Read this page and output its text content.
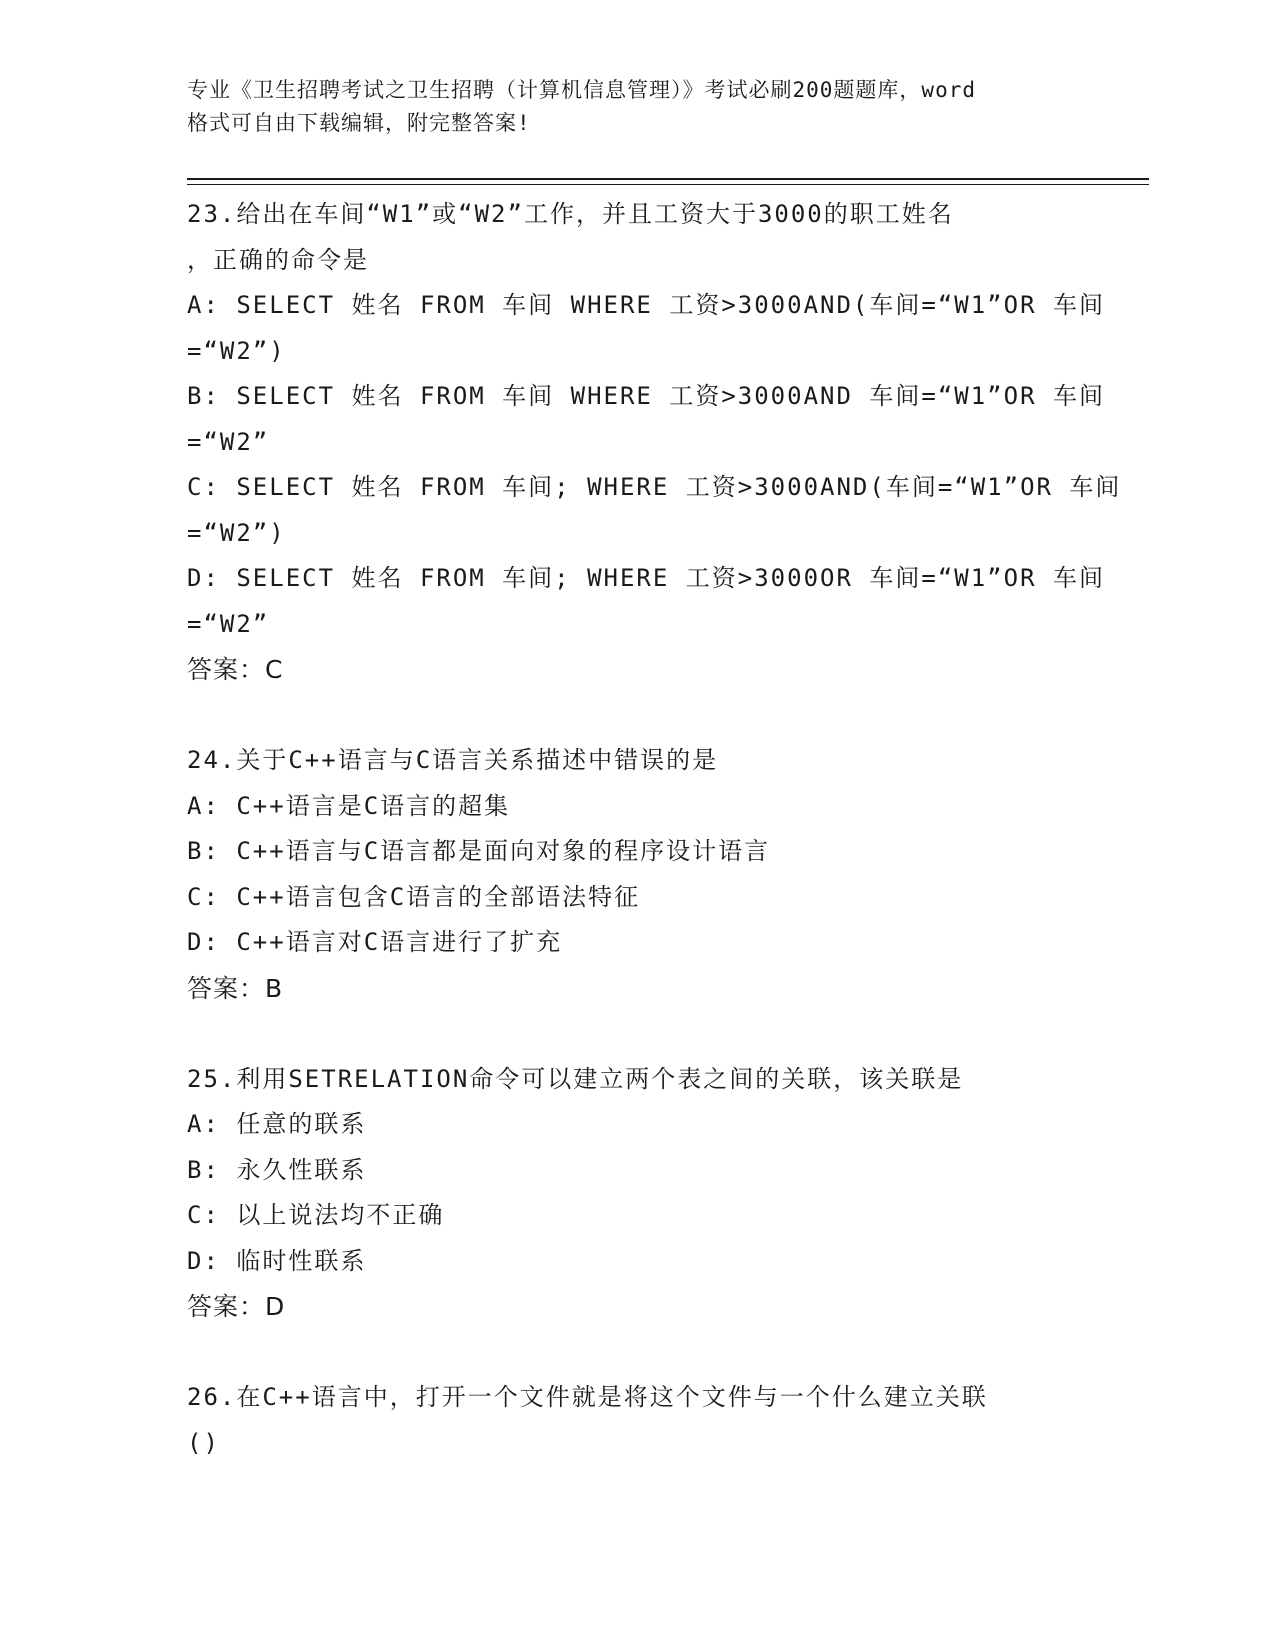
专业《卫生招聘考试之卫生招聘（计算机信息管理）》考试必刷200题题库，word
格式可自由下载编辑，附完整答案!
23.给出在车间“W1”或“W2”工作，并且工资大于3000的职工姓名
，正确的命令是
A: SELECT 姓名 FROM 车间 WHERE 工资>3000AND(车间=“W1”OR 车间
=“W2”)
B: SELECT 姓名 FROM 车间 WHERE 工资>3000AND 车间=“W1”OR 车间
=“W2”
C: SELECT 姓名 FROM 车间; WHERE 工资>3000AND(车间=“W1”OR 车间
=“W2”)
D: SELECT 姓名 FROM 车间; WHERE 工资>3000OR 车间=“W1”OR 车间
=“W2”
答案：C
24.关于C++语言与C语言关系描述中错误的是
A: C++语言是C语言的超集
B: C++语言与C语言都是面向对象的程序设计语言
C: C++语言包含C语言的全部语法特征
D: C++语言对C语言进行了扩充
答案：B
25.利用SETRELATION命令可以建立两个表之间的关联，该关联是
A: 任意的联系
B: 永久性联系
C: 以上说法均不正确
D: 临时性联系
答案：D
26.在C++语言中，打开一个文件就是将这个文件与一个什么建立关联
()
